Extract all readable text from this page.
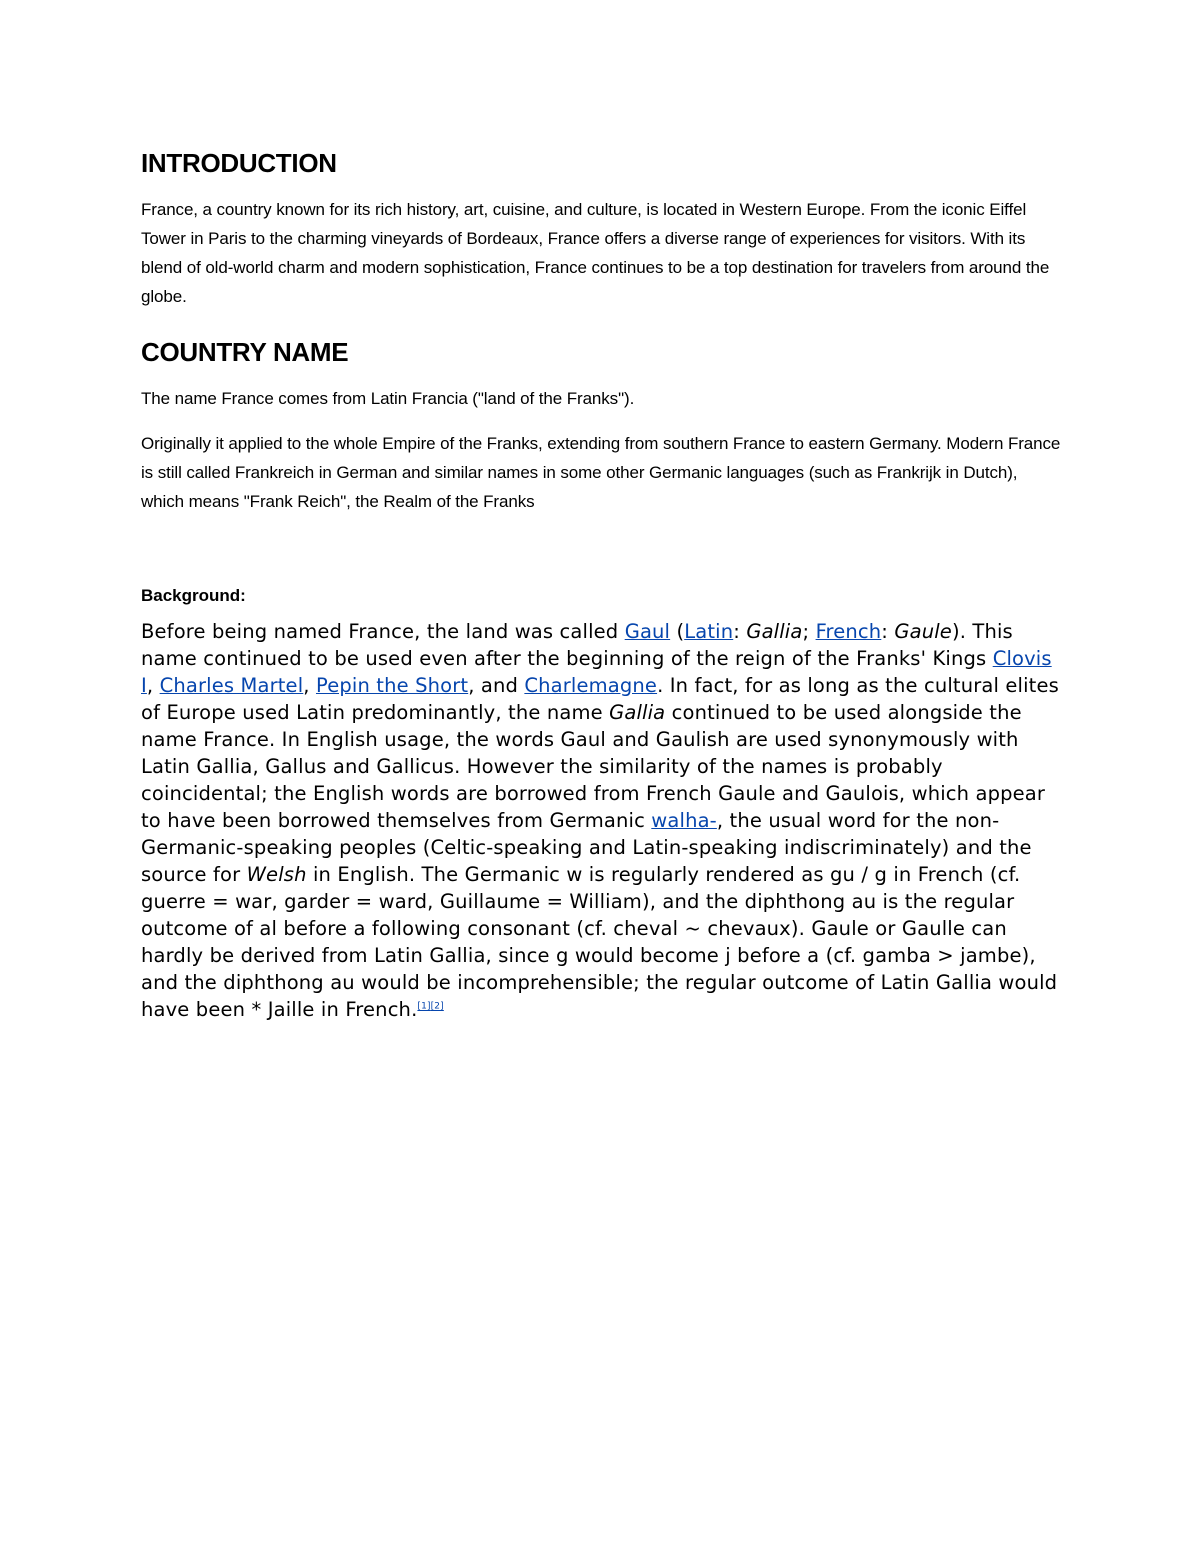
INTRODUCTION

France, a country known for its rich history, art, cuisine, and culture, is located in Western Europe. From the iconic Eiffel Tower in Paris to the charming vineyards of Bordeaux, France offers a diverse range of experiences for visitors. With its blend of old-world charm and modern sophistication, France continues to be a top destination for travelers from around the globe.

COUNTRY NAME

The name France comes from Latin Francia ("land of the Franks").

Originally it applied to the whole Empire of the Franks, extending from southern France to eastern Germany. Modern France is still called Frankreich in German and similar names in some other Germanic languages (such as Frankrijk in Dutch), which means "Frank Reich", the Realm of the Franks

Background:

Before being named France, the land was called Gaul (Latin: Gallia; French: Gaule). This name continued to be used even after the beginning of the reign of the Franks' Kings Clovis I, Charles Martel, Pepin the Short, and Charlemagne. In fact, for as long as the cultural elites of Europe used Latin predominantly, the name Gallia continued to be used alongside the name France. In English usage, the words Gaul and Gaulish are used synonymously with Latin Gallia, Gallus and Gallicus. However the similarity of the names is probably coincidental; the English words are borrowed from French Gaule and Gaulois, which appear to have been borrowed themselves from Germanic walha-, the usual word for the non-Germanic-speaking peoples (Celtic-speaking and Latin-speaking indiscriminately) and the source for Welsh in English. The Germanic w is regularly rendered as gu / g in French (cf. guerre = war, garder = ward, Guillaume = William), and the diphthong au is the regular outcome of al before a following consonant (cf. cheval ~ chevaux). Gaule or Gaulle can hardly be derived from Latin Gallia, since g would become j before a (cf. gamba > jambe), and the diphthong au would be incomprehensible; the regular outcome of Latin Gallia would have been * Jaille in French.[1][2]
